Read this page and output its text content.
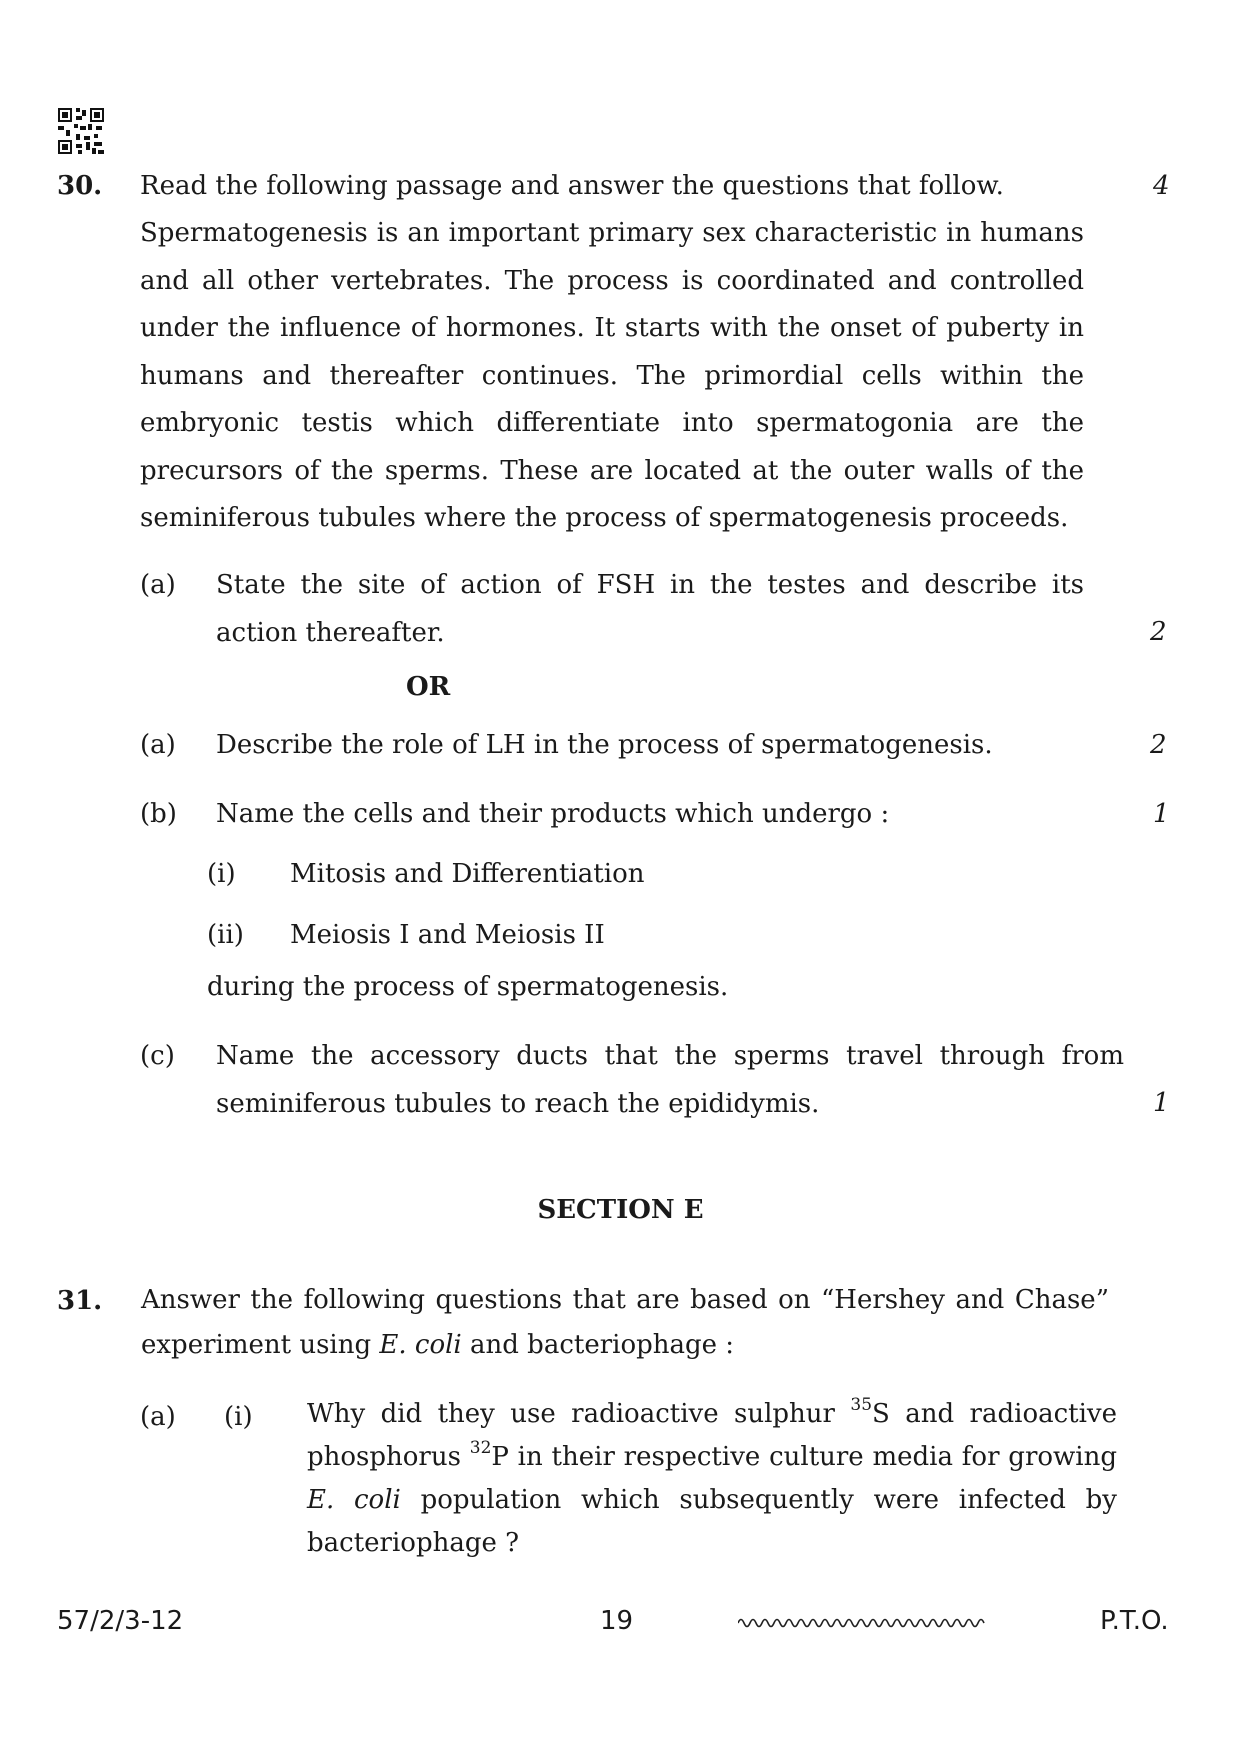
30. Read the following passage and answer the questions that follow.	4
Spermatogenesis is an important primary sex characteristic in humans and all other vertebrates. The process is coordinated and controlled under the influence of hormones. It starts with the onset of puberty in humans and thereafter continues. The primordial cells within the embryonic testis which differentiate into spermatogonia are the precursors of the sperms. These are located at the outer walls of the seminiferous tubules where the process of spermatogenesis proceeds.
(a) State the site of action of FSH in the testes and describe its action thereafter.	2
OR
(a) Describe the role of LH in the process of spermatogenesis.	2
(b) Name the cells and their products which undergo :	1
(i) Mitosis and Differentiation
(ii) Meiosis I and Meiosis II
during the process of spermatogenesis.
(c) Name the accessory ducts that the sperms travel through from seminiferous tubules to reach the epididymis.	1
SECTION E
31. Answer the following questions that are based on “Hershey and Chase” experiment using E. coli and bacteriophage :
(a) (i) Why did they use radioactive sulphur $^{35}$S and radioactive phosphorus $^{32}$P in their respective culture media for growing E. coli population which subsequently were infected by bacteriophage ?
57/2/3-12	19	P.T.O.
